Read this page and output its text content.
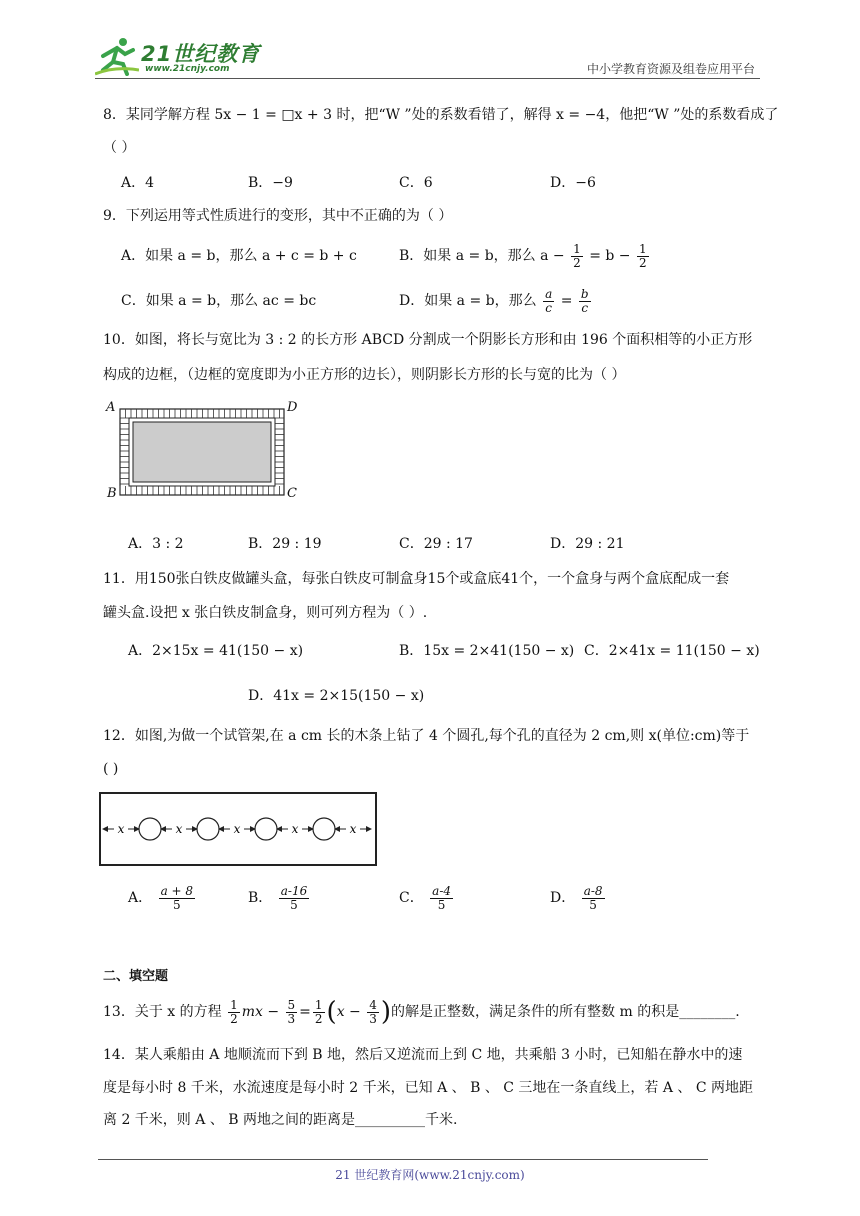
21世纪教育
www.21cnjy.com	中小学教育资源及组卷应用平台
8．某同学解方程 5x − 1 = □x + 3 时，把“W ”处的系数看错了，解得 x = −4，他把“W ”处的系数看成了
（ ）
A．4	B．−9	C．6	D．−6
9．下列运用等式性质进行的变形，其中不正确的为（ ）
A．如果 a = b，那么 a + c = b + c	B．如果 a = b，那么 $a - \frac{1}{2} = b - \frac{1}{2}$
C．如果 a = b，那么 ac = bc	D．如果 a = b，那么 $\frac{a}{c} = \frac{b}{c}$
10．如图，将长与宽比为 3 : 2 的长方形 ABCD 分割成一个阴影长方形和由 196 个面积相等的小正方形
构成的边框，（边框的宽度即为小正方形的边长），则阴影长方形的长与宽的比为（ ）
A	D
B	C
A．3 : 2	B．29 : 19	C．29 : 17	D．29 : 21
11．用150张白铁皮做罐头盒，每张白铁皮可制盒身15个或盒底41个，一个盒身与两个盒底配成一套
罐头盒.设把 x 张白铁皮制盒身，则可列方程为（ ）.
A．2×15x = 41(150 − x)	B．15x = 2×41(150 − x) C．2×41x = 11(150 − x)
D．41x = 2×15(150 − x)
12．如图,为做一个试管架,在 a cm 长的木条上钻了 4 个圆孔,每个孔的直径为 2 cm,则 x(单位:cm)等于
( )
x	x	x	x	x
A． $\frac{a + 8}{5}$	B． $\frac{a-16}{5}$	C． $\frac{a-4}{5}$	D． $\frac{a-8}{5}$
二、填空题
13．关于 x 的方程 $\frac{1}{2}$ mx − $\frac{5}{3} = \frac{1}{2} (x - \frac{4}{3}$ )的解是正整数，满足条件的所有整数 m 的积是________.
14．某人乘船由 A 地顺流而下到 B 地，然后又逆流而上到 C 地，共乘船 3 小时，已知船在静水中的速
度是每小时 8 千米，水流速度是每小时 2 千米，已知 A 、 B 、 C 三地在一条直线上，若 A 、 C 两地距
离 2 千米，则 A 、 B 两地之间的距离是__________千米.
21 世纪教育网(www.21cnjy.com)
